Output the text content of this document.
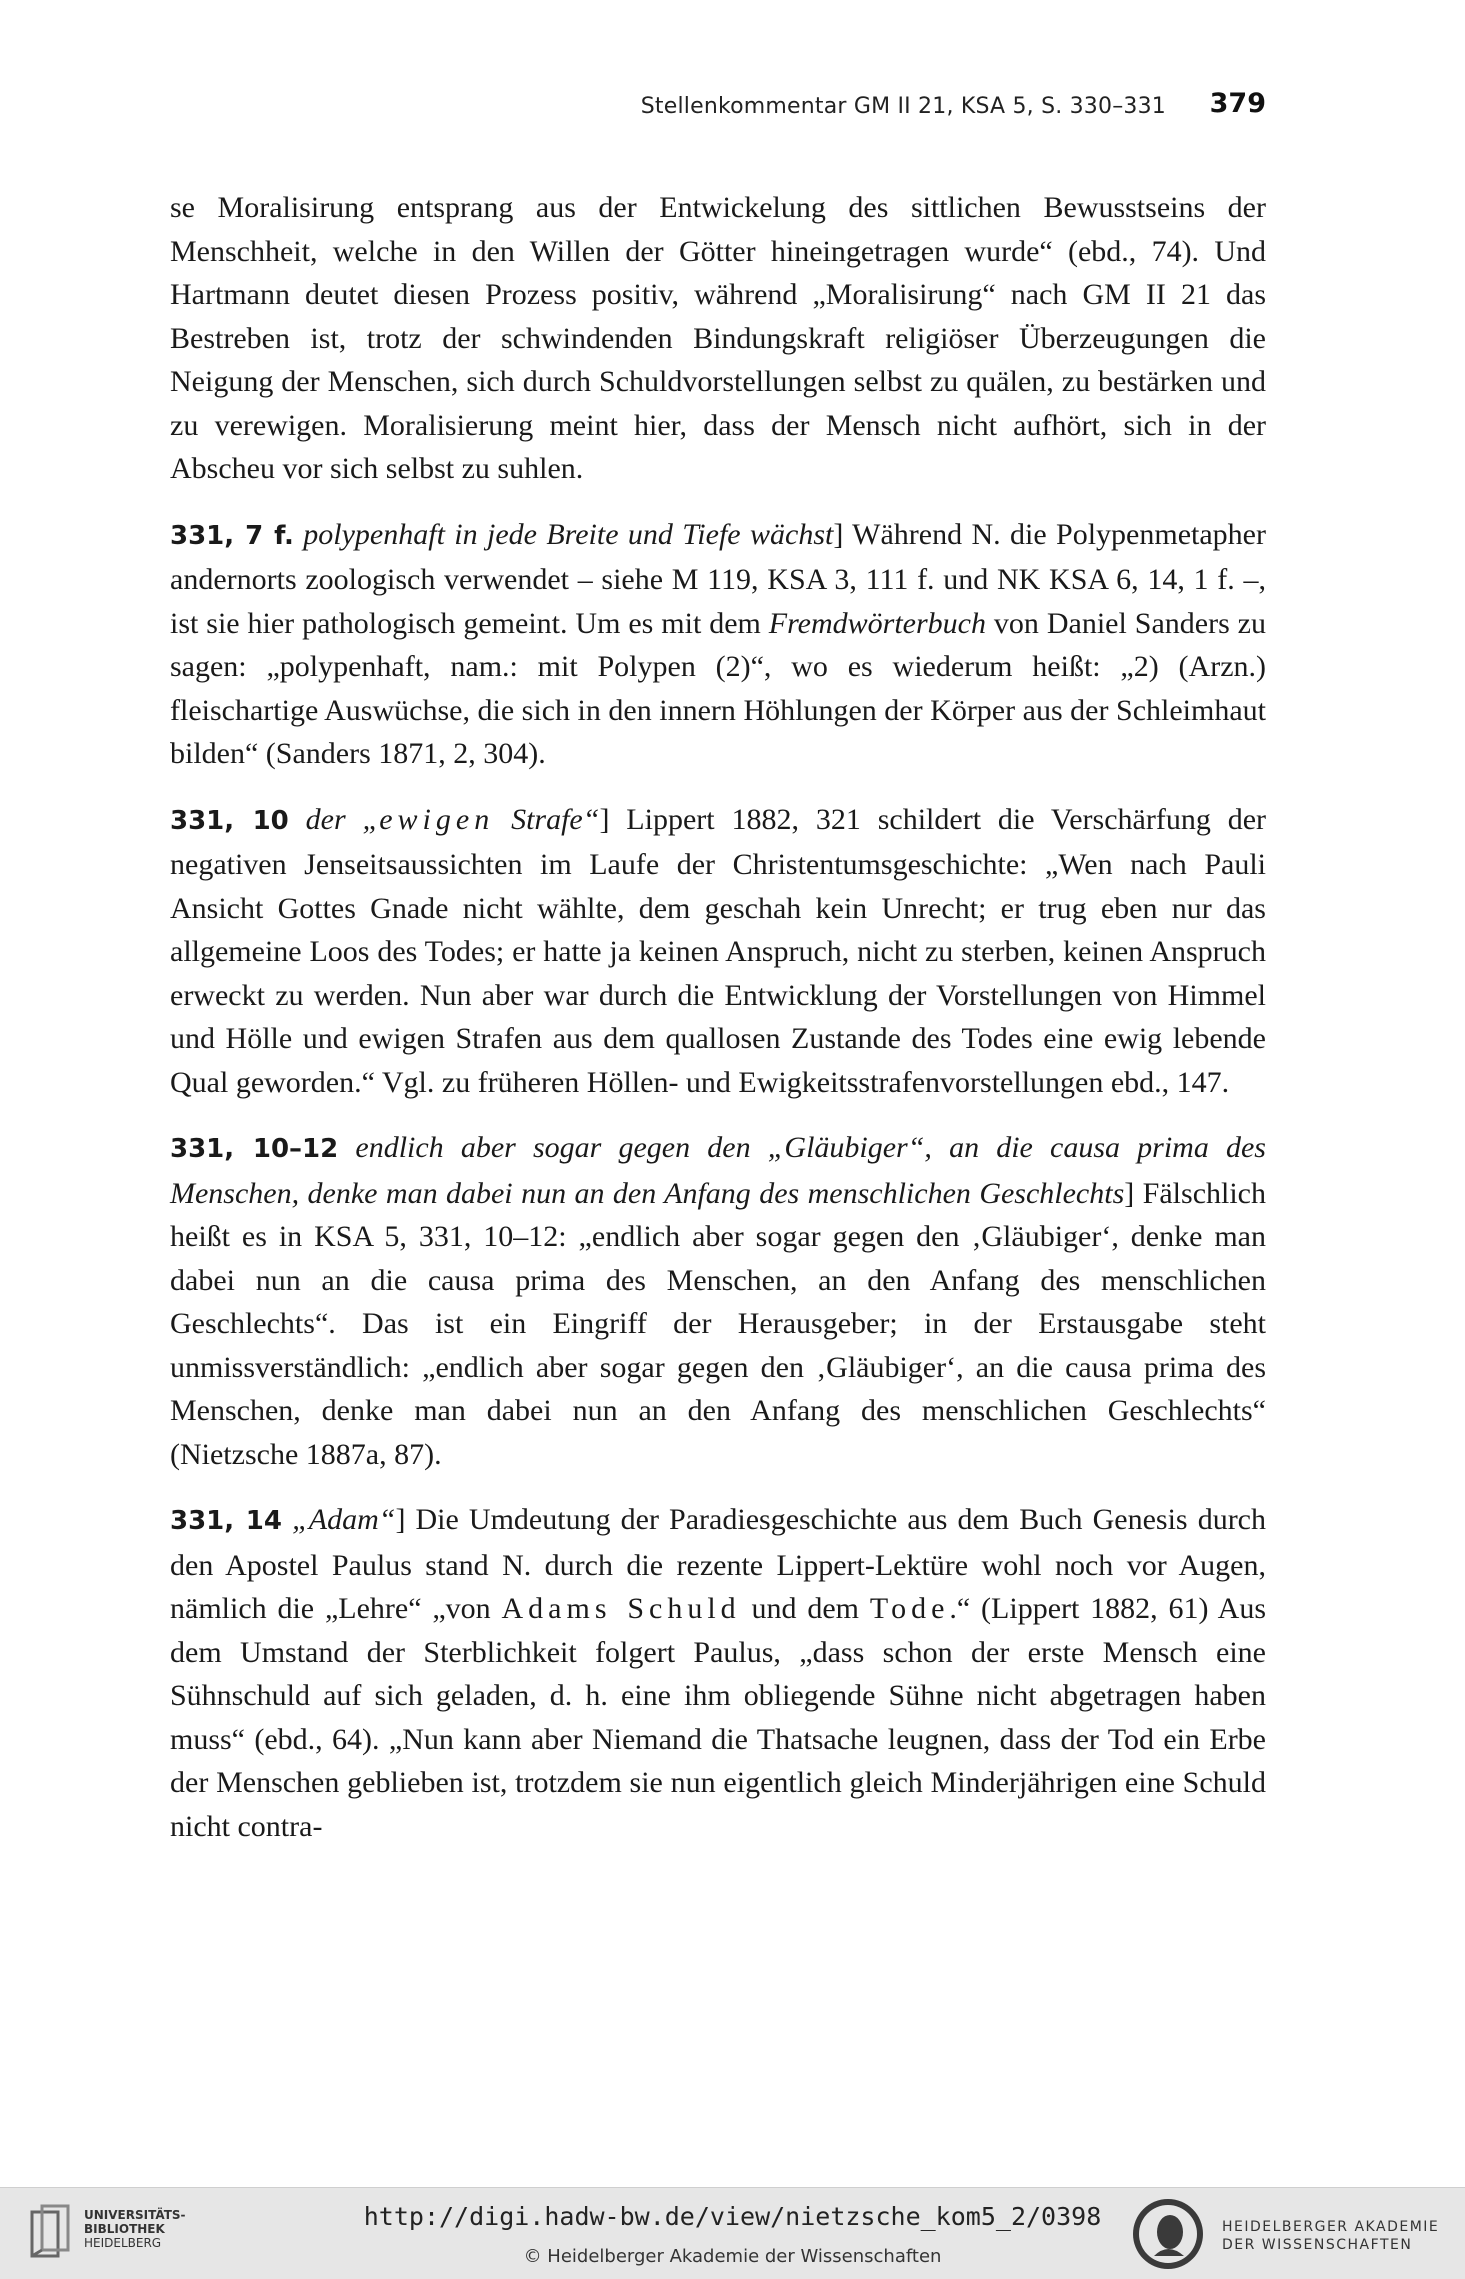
Stellenkommentar GM II 21, KSA 5, S. 330–331 379

se Moralisirung entsprang aus der Entwickelung des sittlichen Bewusstseins der Menschheit, welche in den Willen der Götter hineingetragen wurde“ (ebd., 74). Und Hartmann deutet diesen Prozess positiv, während „Moralisirung“ nach GM II 21 das Bestreben ist, trotz der schwindenden Bindungskraft religiöser Überzeugungen die Neigung der Menschen, sich durch Schuldvorstellungen selbst zu quälen, zu bestärken und zu verewigen. Moralisierung meint hier, dass der Mensch nicht aufhört, sich in der Abscheu vor sich selbst zu suhlen.

331, 7 f. polypenhaft in jede Breite und Tiefe wächst] Während N. die Polypenmetapher andernorts zoologisch verwendet – siehe M 119, KSA 3, 111 f. und NK KSA 6, 14, 1 f. –, ist sie hier pathologisch gemeint. Um es mit dem Fremdwörterbuch von Daniel Sanders zu sagen: „polypenhaft, nam.: mit Polypen (2)“, wo es wiederum heißt: „2) (Arzn.) fleischartige Auswüchse, die sich in den innern Höhlungen der Körper aus der Schleimhaut bilden“ (Sanders 1871, 2, 304).

331, 10 der „ewigen Strafe“] Lippert 1882, 321 schildert die Verschärfung der negativen Jenseitsaussichten im Laufe der Christentumsgeschichte: „Wen nach Pauli Ansicht Gottes Gnade nicht wählte, dem geschah kein Unrecht; er trug eben nur das allgemeine Loos des Todes; er hatte ja keinen Anspruch, nicht zu sterben, keinen Anspruch erweckt zu werden. Nun aber war durch die Entwicklung der Vorstellungen von Himmel und Hölle und ewigen Strafen aus dem quallosen Zustande des Todes eine ewig lebende Qual geworden.“ Vgl. zu früheren Höllen- und Ewigkeitsstrafenvorstellungen ebd., 147.

331, 10–12 endlich aber sogar gegen den „Gläubiger“, an die causa prima des Menschen, denke man dabei nun an den Anfang des menschlichen Geschlechts] Fälschlich heißt es in KSA 5, 331, 10–12: „endlich aber sogar gegen den ‚Gläubiger‘, denke man dabei nun an die causa prima des Menschen, an den Anfang des menschlichen Geschlechts“. Das ist ein Eingriff der Herausgeber; in der Erstausgabe steht unmissverständlich: „endlich aber sogar gegen den ‚Gläubiger‘, an die causa prima des Menschen, denke man dabei nun an den Anfang des menschlichen Geschlechts“ (Nietzsche 1887a, 87).

331, 14 „Adam“] Die Umdeutung der Paradiesgeschichte aus dem Buch Genesis durch den Apostel Paulus stand N. durch die rezente Lippert-Lektüre wohl noch vor Augen, nämlich die „Lehre“ „von Adams Schuld und dem Tode.“ (Lippert 1882, 61) Aus dem Umstand der Sterblichkeit folgert Paulus, „dass schon der erste Mensch eine Sühnschuld auf sich geladen, d. h. eine ihm obliegende Sühne nicht abgetragen haben muss“ (ebd., 64). „Nun kann aber Niemand die Thatsache leugnen, dass der Tod ein Erbe der Menschen geblieben ist, trotzdem sie nun eigentlich gleich Minderjährigen eine Schuld nicht contra-

UNIVERSITÄTS-
BIBLIOTHEK
HEIDELBERG
http://digi.hadw-bw.de/view/nietzsche_kom5_2/0398
© Heidelberger Akademie der Wissenschaften
HEIDELBERGER AKADEMIE
DER WISSENSCHAFTEN
